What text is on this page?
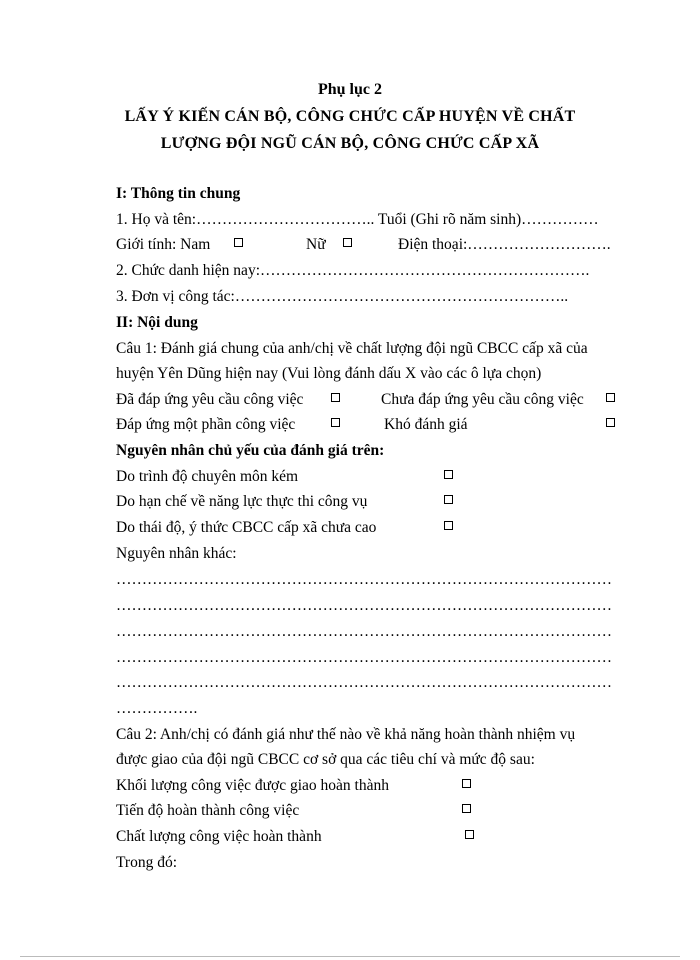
Phụ lục 2
LẤY Ý KIẾN CÁN BỘ, CÔNG CHỨC CẤP HUYỆN VỀ CHẤT
LƯỢNG ĐỘI NGŨ CÁN BỘ, CÔNG CHỨC CẤP XÃ
I: Thông tin chung
1. Họ và tên:…………………………….. Tuổi (Ghi rõ năm sinh)……………
Giới tính: Nam	Nữ	Điện thoại:……………………….
2. Chức danh hiện nay:……………………………………………………….
3. Đơn vị công tác:………………………………………………………..
II: Nội dung
Câu 1: Đánh giá chung của anh/chị về chất lượng đội ngũ CBCC cấp xã của
huyện Yên Dũng hiện nay (Vui lòng đánh dấu X vào các ô lựa chọn)
Đã đáp ứng yêu cầu công việc	Chưa đáp ứng yêu cầu công việc
Đáp ứng một phần công việc	Khó đánh giá
Nguyên nhân chủ yếu của đánh giá trên:
Do trình độ chuyên môn kém
Do hạn chế về năng lực thực thi công vụ
Do thái độ, ý thức CBCC cấp xã chưa cao
Nguyên nhân khác:
……………………………………………………………………………………
……………………………………………………………………………………
……………………………………………………………………………………
……………………………………………………………………………………
……………………………………………………………………………………
…………….
Câu 2: Anh/chị có đánh giá như thế nào về khả năng hoàn thành nhiệm vụ
được giao của đội ngũ CBCC cơ sở qua các tiêu chí và mức độ sau:
Khối lượng công việc được giao hoàn thành
Tiến độ hoàn thành công việc
Chất lượng công việc hoàn thành
Trong đó:
